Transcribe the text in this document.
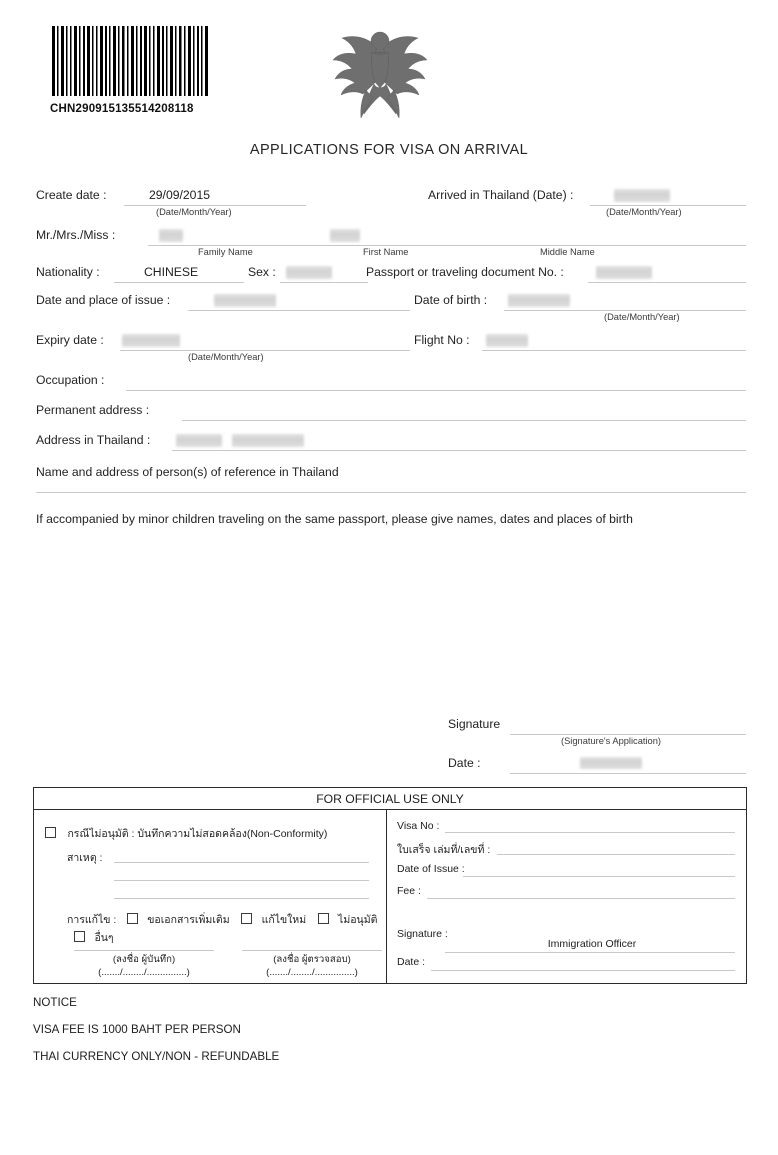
CHN290915135514208118
APPLICATIONS FOR VISA ON ARRIVAL
Create date :	29/09/2015
(Date/Month/Year)
Arrived in Thailand (Date) :
(Date/Month/Year)
Mr./Mrs./Miss :
Family Name	First Name	Middle Name
Nationality :	CHINESE	Sex :	Passport or traveling document No. :
Date and place of issue :	Date of birth :
(Date/Month/Year)
Expiry date :
(Date/Month/Year)
Flight No :
Occupation :
Permanent address :
Address in Thailand :
Name and address of person(s) of reference in Thailand
If accompanied by minor children traveling on the same passport, please give names, dates and places of birth
Signature
(Signature's Application)
Date :
FOR OFFICIAL USE ONLY
กรณีไม่อนุมัติ : บันทึกความไม่สอดคล้อง(Non-Conformity)
สาเหตุ :
การแก้ไข :	ขอเอกสารเพิ่มเติม	แก้ไขใหม่	ไม่อนุมัติ  อื่นๆ
(ลงชื่อ ผู้บันทึก)
(......./......../...............)
(ลงชื่อ ผู้ตรวจสอบ)
(......./......../...............)
Visa No :
ใบเสร็จ เล่มที่/เลขที่ :
Date of Issue :
Fee :
Signature :
Immigration Officer
Date :
NOTICE
VISA FEE IS 1000 BAHT PER PERSON
THAI CURRENCY ONLY/NON - REFUNDABLE
